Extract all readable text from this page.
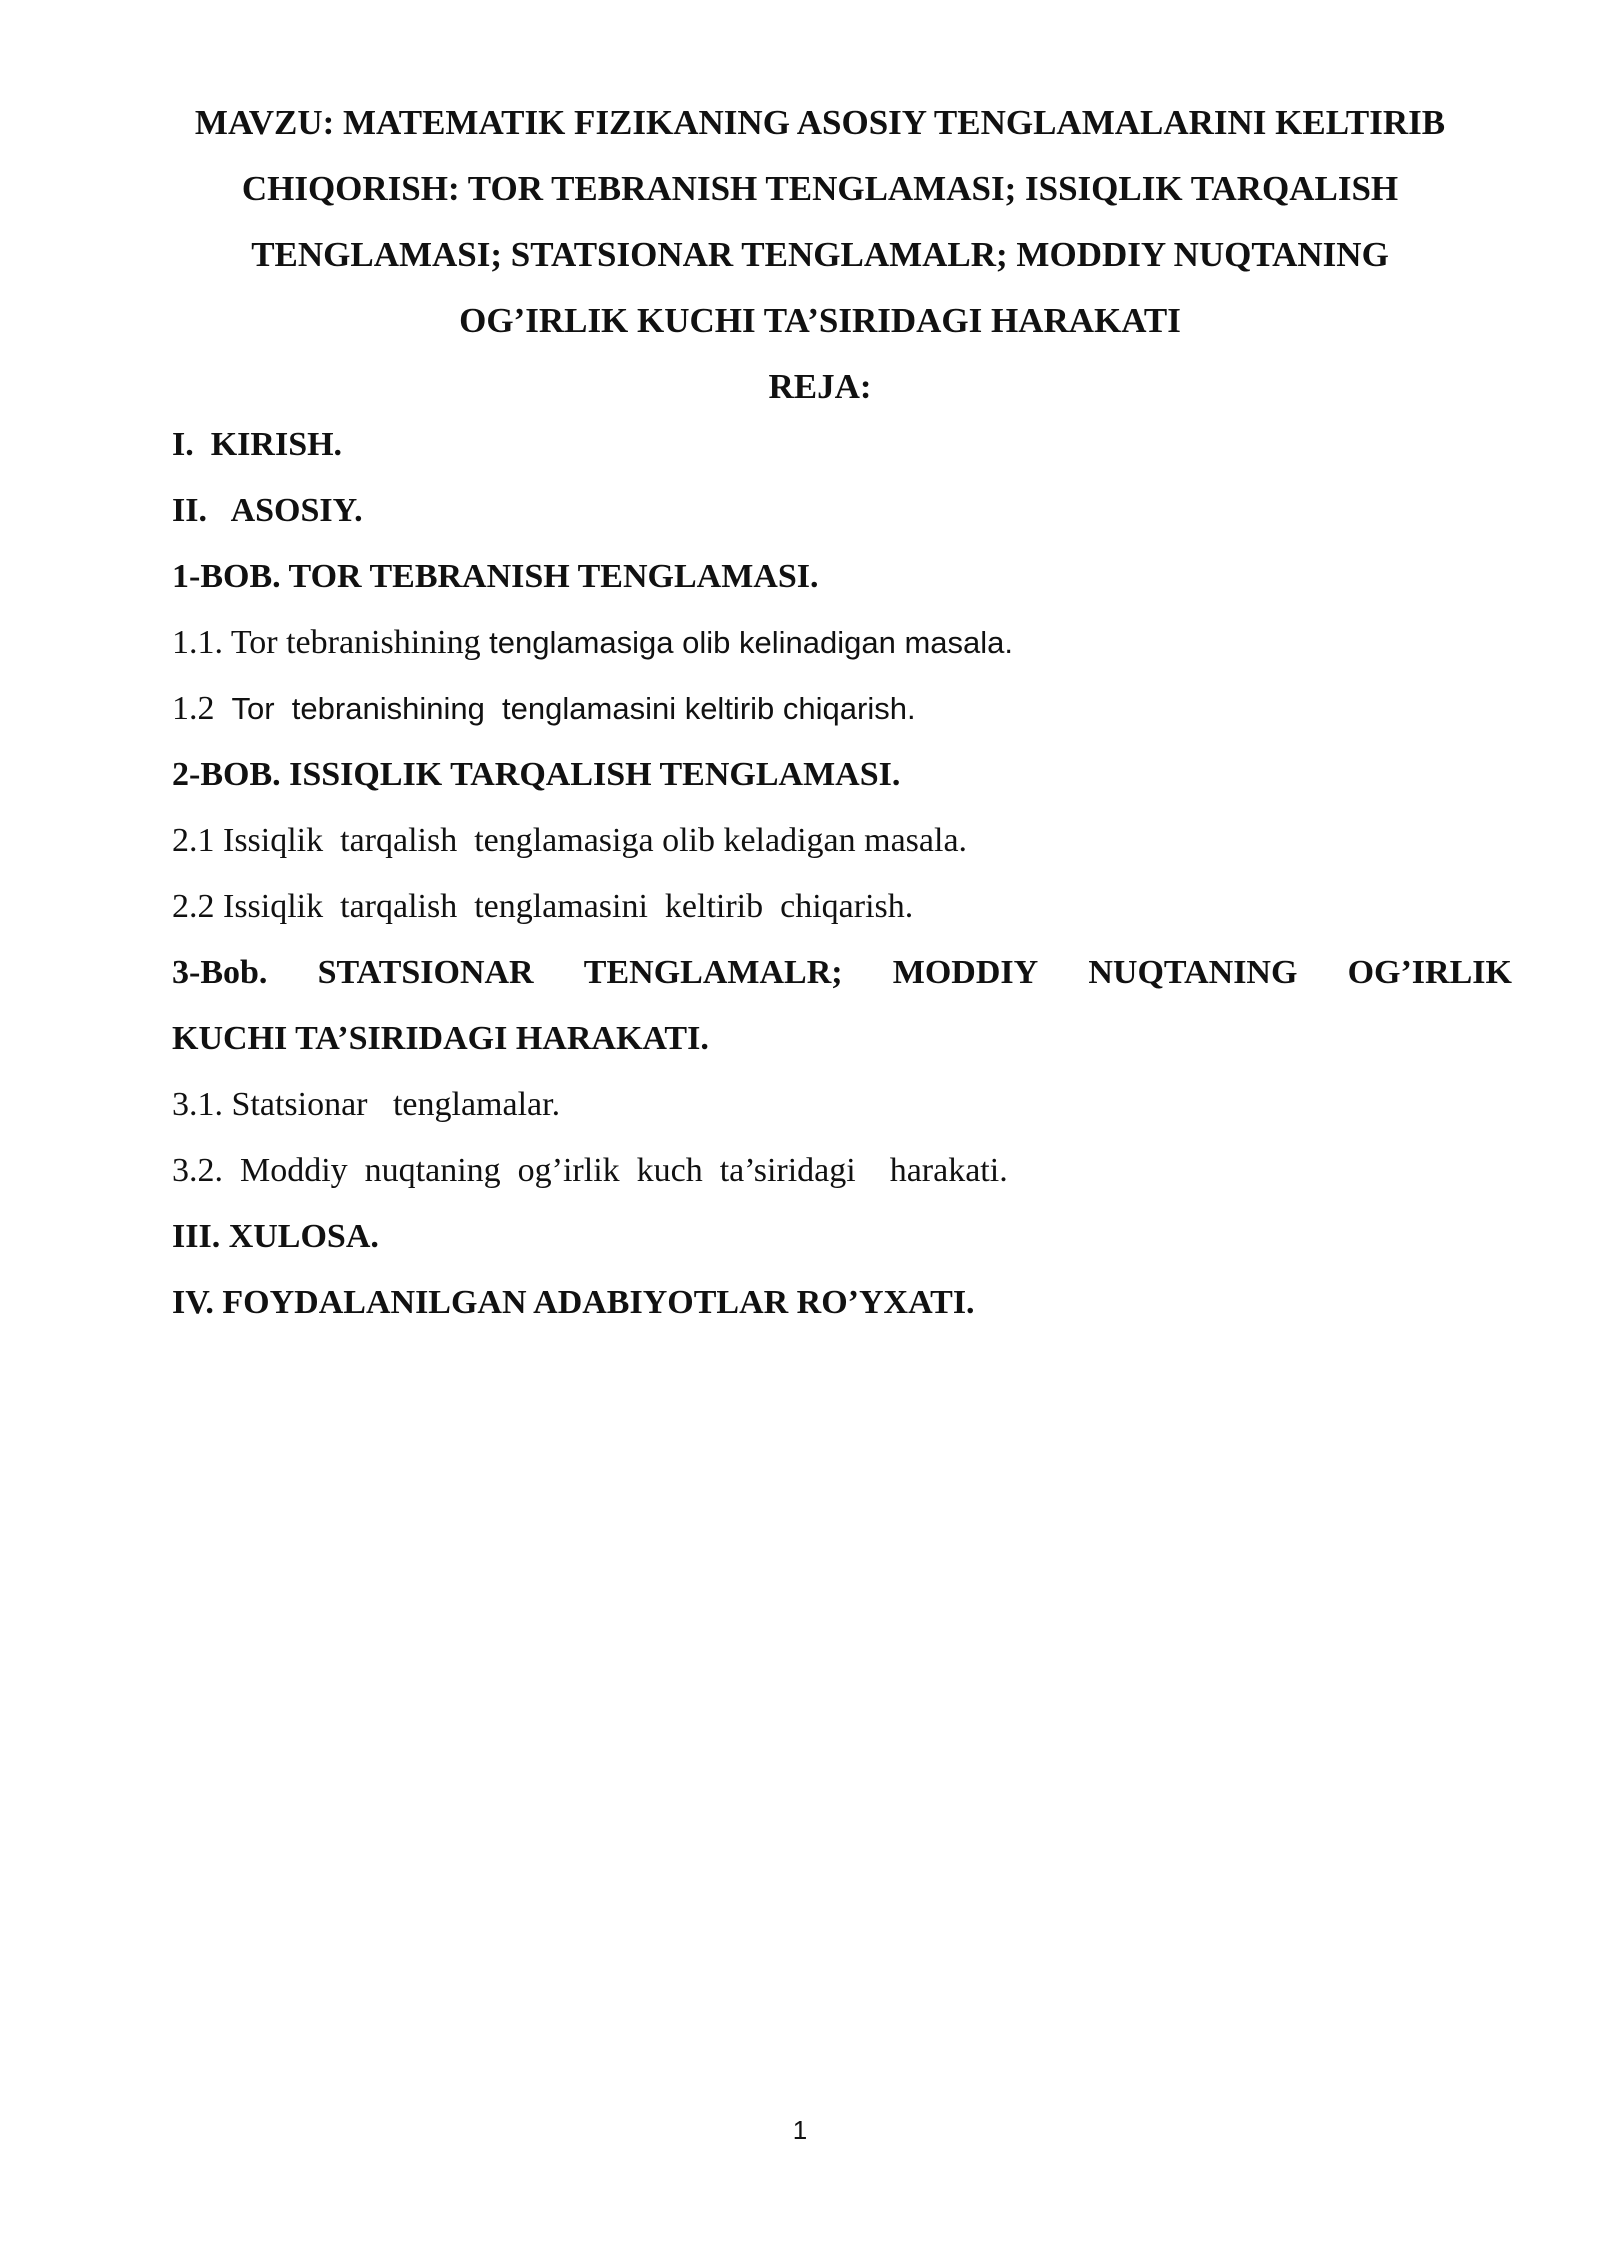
MAVZU: MATEMATIK FIZIKANING ASOSIY TENGLAMALARINI KELTIRIB
CHIQORISH: TOR TEBRANISH TENGLAMASI; ISSIQLIK TARQALISH
TENGLAMASI; STATSIONAR TENGLAMALR; MODDIY NUQTANING
OG’IRLIK KUCHI TA’SIRIDAGI HARAKATI
REJA:
I.  KIRISH.
II.   ASOSIY.
1-BOB. TOR TEBRANISH TENGLAMASI.
1.1. Tor tebranishining tenglamasiga olib kelinadigan masala.
1.2  Tor  tebranishining  tenglamasini keltirib chiqarish.
2-BOB. ISSIQLIK TARQALISH TENGLAMASI.
2.1 Issiqlik  tarqalish  tenglamasiga olib keladigan masala.
2.2 Issiqlik  tarqalish  tenglamasini  keltirib  chiqarish.
3-Bob. STATSIONAR TENGLAMALR; MODDIY NUQTANING OG’IRLIK
KUCHI TA’SIRIDAGI HARAKATI.
3.1. Statsionar   tenglamalar.
3.2.  Moddiy  nuqtaning  og’irlik  kuch  ta’siridagi    harakati.
III. XULOSA.
IV. FOYDALANILGAN ADABIYOTLAR RO’YXATI.
1
